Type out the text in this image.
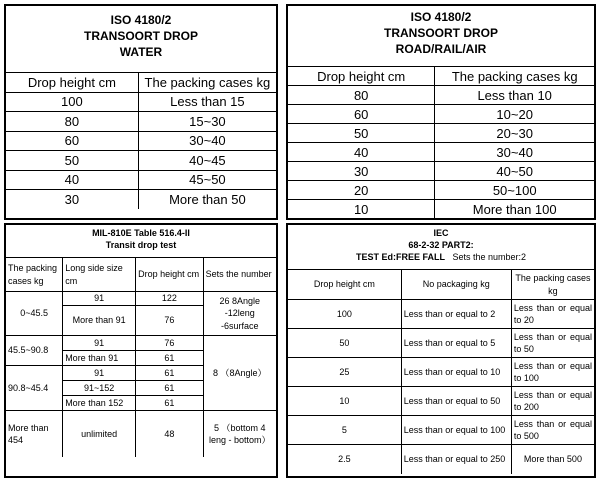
ISO 4180/2
TRANSOORT DROP
WATER
Drop height cm	The packing cases kg
100	Less than 15
80	15~30
60	30~40
50	40~45
40	45~50
30	More than 50
ISO 4180/2
TRANSOORT DROP
ROAD/RAIL/AIR
Drop height cm	The packing cases kg
80	Less than 10
60	10~20
50	20~30
40	30~40
30	40~50
20	50~100
10	More than 100
MIL-810E Table 516.4-II
Transit drop test
The packing cases kg	Long side size cm	Drop height cm	Sets the number
0~45.5	91	122	26 8Angle -12leng -6surface
	More than 91	76	
45.5~90.8	91	76	8 （8Angle）
	More than 91	61	
90.8~45.4	91	61	
	91~152	61	
	More than 152	61	
More than 454	unlimited	48	5 （bottom 4 leng - bottom）
IEC
68-2-32 PART2:
TEST Ed:FREE FALL Sets the number:2
Drop height cm	No packaging kg	The packing cases kg
100	Less than or equal to 2	Less than or equal to 20
50	Less than or equal to 5	Less than or equal to 50
25	Less than or equal to 10	Less than or equal to 100
10	Less than or equal to 50	Less than or equal to 200
5	Less than or equal to 100	Less than or equal to 500
2.5	Less than or equal to 250	More than 500
